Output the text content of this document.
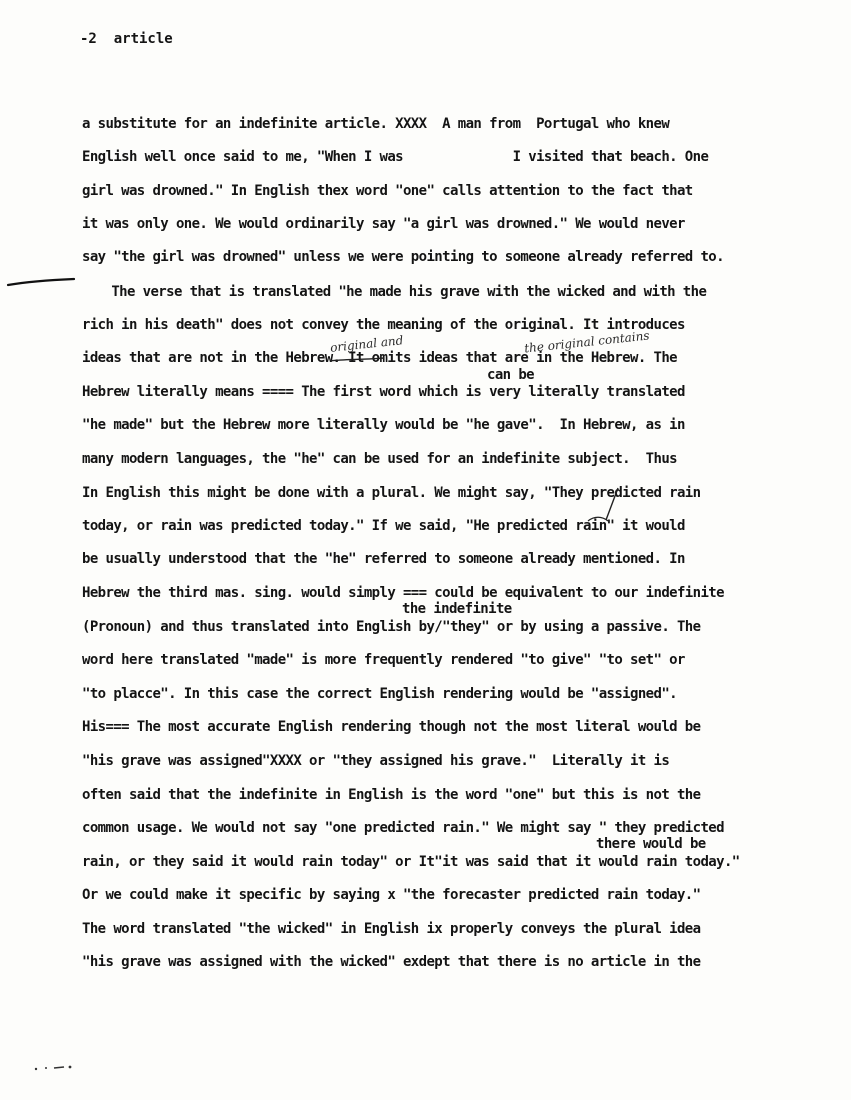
-2  article
a substitute for an indefinite article. XXXX  A man from  Portugal who knew
English well once said to me, "When I was              I visited that beach. One
girl was drowned." In English thex word "one" calls attention to the fact that
it was only one. We would ordinarily say "a girl was drowned." We would never
say "the girl was drowned" unless we were pointing to someone already referred to.
The verse that is translated "he made his grave with the wicked and with the
rich in his death" does not convey the meaning of the original. It introduces
original and	the original contains
ideas that are not in the Hebrew. It omits ideas that are in the Hebrew. The
can be
Hebrew literally means ==== The first word which is very literally translated
"he made" but the Hebrew more literally would be "he gave".  In Hebrew, as in
many modern languages, the "he" can be used for an indefinite subject.  Thus
In English this might be done with a plural. We might say, "They predicted rain
today, or rain was predicted today." If we said, "He predicted rain" it would
be usually understood that the "he" referred to someone already mentioned. In
Hebrew the third mas. sing. would simply === could be equivalent to our indefinite
the indefinite
(Pronoun) and thus translated into English by/"they" or by using a passive. The
word here translated "made" is more frequently rendered "to give" "to set" or
"to placce". In this case the correct English rendering would be "assigned".
His=== The most accurate English rendering though not the most literal would be
"his grave was assigned"XXXX or "they assigned his grave."  Literally it is
often said that the indefinite in English is the word "one" but this is not the
common usage. We would not say "one predicted rain." We might say " they predicted
there would be
rain, or they said it would rain today" or It"it was said that it would rain today."
Or we could make it specific by saying x "the forecaster predicted rain today."
The word translated "the wicked" in English ix properly conveys the plural idea
"his grave was assigned with the wicked" exdept that there is no article in the
